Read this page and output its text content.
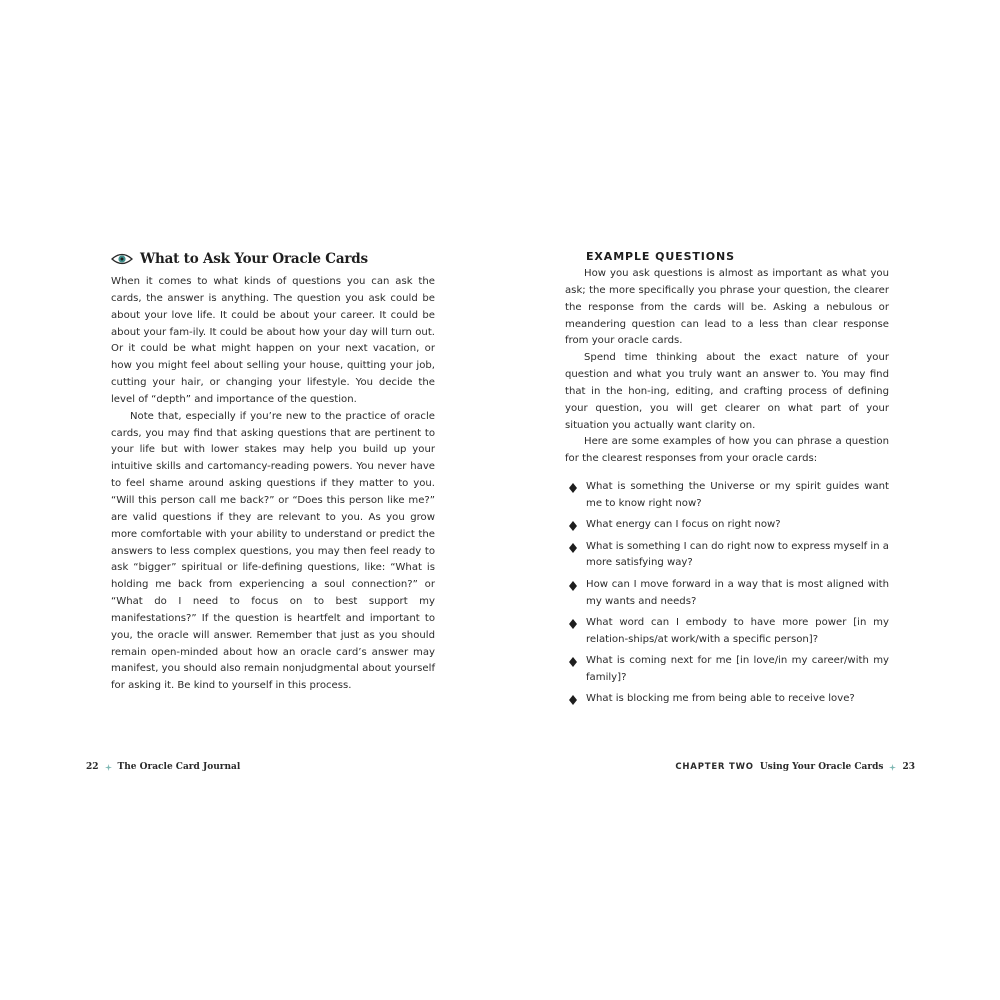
What to Ask Your Oracle Cards

When it comes to what kinds of questions you can ask the cards, the answer is anything. The question you ask could be about your love life. It could be about your career. It could be about your fam-ily. It could be about how your day will turn out. Or it could be what might happen on your next vacation, or how you might feel about selling your house, quitting your job, cutting your hair, or changing your lifestyle. You decide the level of “depth” and importance of the question.

Note that, especially if you’re new to the practice of oracle cards, you may find that asking questions that are pertinent to your life but with lower stakes may help you build up your intuitive skills and cartomancy-reading powers. You never have to feel shame around asking questions if they matter to you. “Will this person call me back?” or “Does this person like me?” are valid questions if they are relevant to you. As you grow more comfortable with your ability to understand or predict the answers to less complex questions, you may then feel ready to ask “bigger” spiritual or life-defining questions, like: “What is holding me back from experiencing a soul connection?” or “What do I need to focus on to best support my manifestations?” If the question is heartfelt and important to you, the oracle will answer. Remember that just as you should remain open-minded about how an oracle card’s answer may manifest, you should also remain nonjudgmental about yourself for asking it. Be kind to yourself in this process.

22 The Oracle Card Journal
EXAMPLE QUESTIONS

How you ask questions is almost as important as what you ask; the more specifically you phrase your question, the clearer the response from the cards will be. Asking a nebulous or meandering question can lead to a less than clear response from your oracle cards.

Spend time thinking about the exact nature of your question and what you truly want an answer to. You may find that in the hon-ing, editing, and crafting process of defining your question, you will get clearer on what part of your situation you actually want clarity on.

Here are some examples of how you can phrase a question for the clearest responses from your oracle cards:

What is something the Universe or my spirit guides want me to know right now?
What energy can I focus on right now?
What is something I can do right now to express myself in a more satisfying way?
How can I move forward in a way that is most aligned with my wants and needs?
What word can I embody to have more power [in my relation-ships/at work/with a specific person]?
What is coming next for me [in love/in my career/with my family]?
What is blocking me from being able to receive love?
CHAPTER TWO Using Your Oracle Cards 23
